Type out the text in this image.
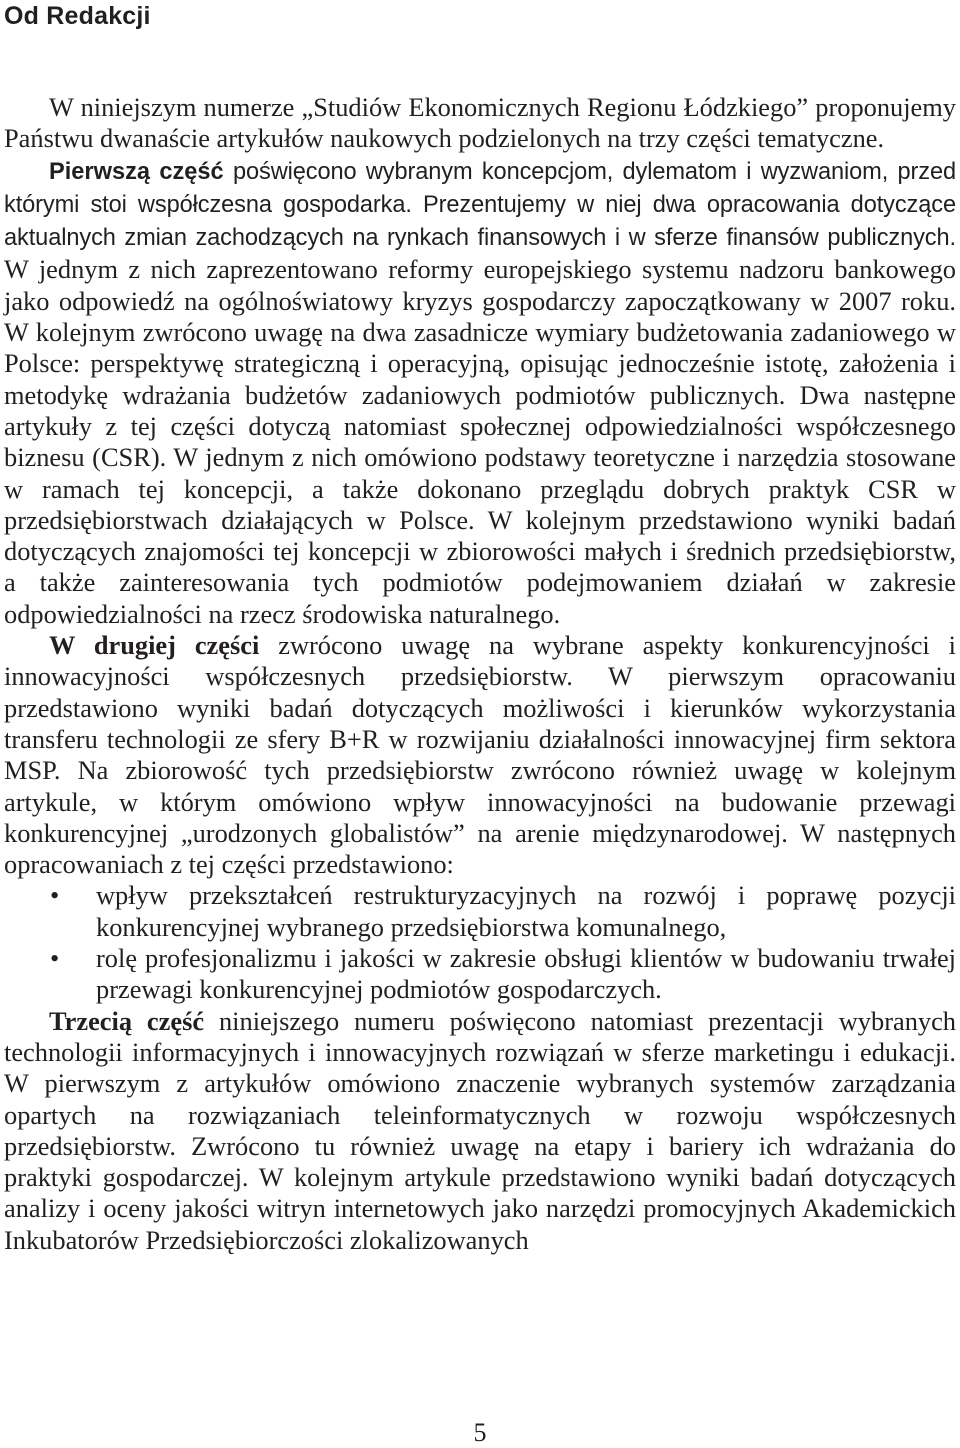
Od Redakcji

W niniejszym numerze „Studiów Ekonomicznych Regionu Łódzkiego” proponujemy Państwu dwanaście artykułów naukowych podzielonych na trzy części tematyczne.

Pierwszą część poświęcono wybranym koncepcjom, dylematom i wyzwaniom, przed którymi stoi współczesna gospodarka. Prezentujemy w niej dwa opracowania dotyczące aktualnych zmian zachodzących na rynkach finansowych i w sferze finansów publicznych. W jednym z nich zaprezentowano reformy europejskiego systemu nadzoru bankowego jako odpowiedź na ogólnoświatowy kryzys gospodarczy zapoczątkowany w 2007 roku. W kolejnym zwrócono uwagę na dwa zasadnicze wymiary budżetowania zadaniowego w Polsce: perspektywę strategiczną i operacyjną, opisując jednocześnie istotę, założenia i metodykę wdrażania budżetów zadaniowych podmiotów publicznych. Dwa następne artykuły z tej części dotyczą natomiast społecznej odpowiedzialności współczesnego biznesu (CSR). W jednym z nich omówiono podstawy teoretyczne i narzędzia stosowane w ramach tej koncepcji, a także dokonano przeglądu dobrych praktyk CSR w przedsiębiorstwach działających w Polsce. W kolejnym przedstawiono wyniki badań dotyczących znajomości tej koncepcji w zbiorowości małych i średnich przedsiębiorstw, a także zainteresowania tych podmiotów podejmowaniem działań w zakresie odpowiedzialności na rzecz środowiska naturalnego.

W drugiej części zwrócono uwagę na wybrane aspekty konkurencyjności i innowacyjności współczesnych przedsiębiorstw. W pierwszym opracowaniu przedstawiono wyniki badań dotyczących możliwości i kierunków wykorzystania transferu technologii ze sfery B+R w rozwijaniu działalności innowacyjnej firm sektora MSP. Na zbiorowość tych przedsiębiorstw zwrócono również uwagę w kolejnym artykule, w którym omówiono wpływ innowacyjności na budowanie przewagi konkurencyjnej „urodzonych globalistów” na arenie międzynarodowej. W następnych opracowaniach z tej części przedstawiono:

• wpływ przekształceń restrukturyzacyjnych na rozwój i poprawę pozycji konkurencyjnej wybranego przedsiębiorstwa komunalnego,
• rolę profesjonalizmu i jakości w zakresie obsługi klientów w budowaniu trwałej przewagi konkurencyjnej podmiotów gospodarczych.

Trzecią część niniejszego numeru poświęcono natomiast prezentacji wybranych technologii informacyjnych i innowacyjnych rozwiązań w sferze marketingu i edukacji. W pierwszym z artykułów omówiono znaczenie wybranych systemów zarządzania opartych na rozwiązaniach teleinformatycznych w rozwoju współczesnych przedsiębiorstw. Zwrócono tu również uwagę na etapy i bariery ich wdrażania do praktyki gospodarczej. W kolejnym artykule przedstawiono wyniki badań dotyczących analizy i oceny jakości witryn internetowych jako narzędzi promocyjnych Akademickich Inkubatorów Przedsiębiorczości zlokalizowanych

5
